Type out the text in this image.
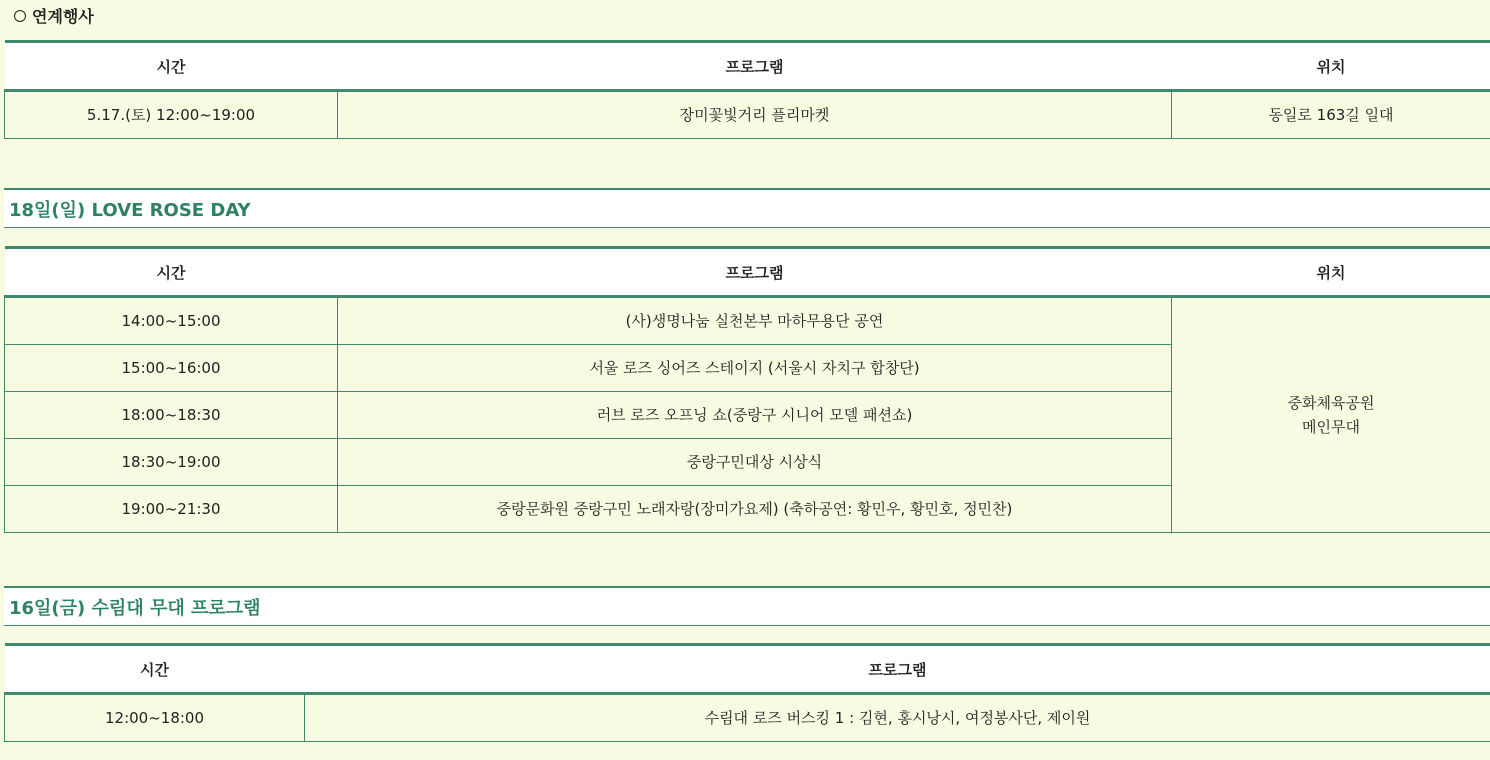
연계행사
시간	프로그램	위치
5.17.(토) 12:00~19:00	장미꽃빛거리 플리마켓	동일로 163길 일대
18일(일) LOVE ROSE DAY
시간	프로그램	위치
14:00~15:00	(사)생명나눔 실천본부 마하무용단 공연	중화체육공원
메인무대
15:00~16:00	서울 로즈 싱어즈 스테이지 (서울시 자치구 합창단)	
18:00~18:30	러브 로즈 오프닝 쇼(중랑구 시니어 모델 패션쇼)	
18:30~19:00	중랑구민대상 시상식	
19:00~21:30	중랑문화원 중랑구민 노래자랑(장미가요제) (축하공연: 황민우, 황민호, 정민찬)	
16일(금) 수림대 무대 프로그램
시간	프로그램
12:00~18:00	수림대 로즈 버스킹 1 : 김현, 홍시낭시, 여정봉사단, 제이원
